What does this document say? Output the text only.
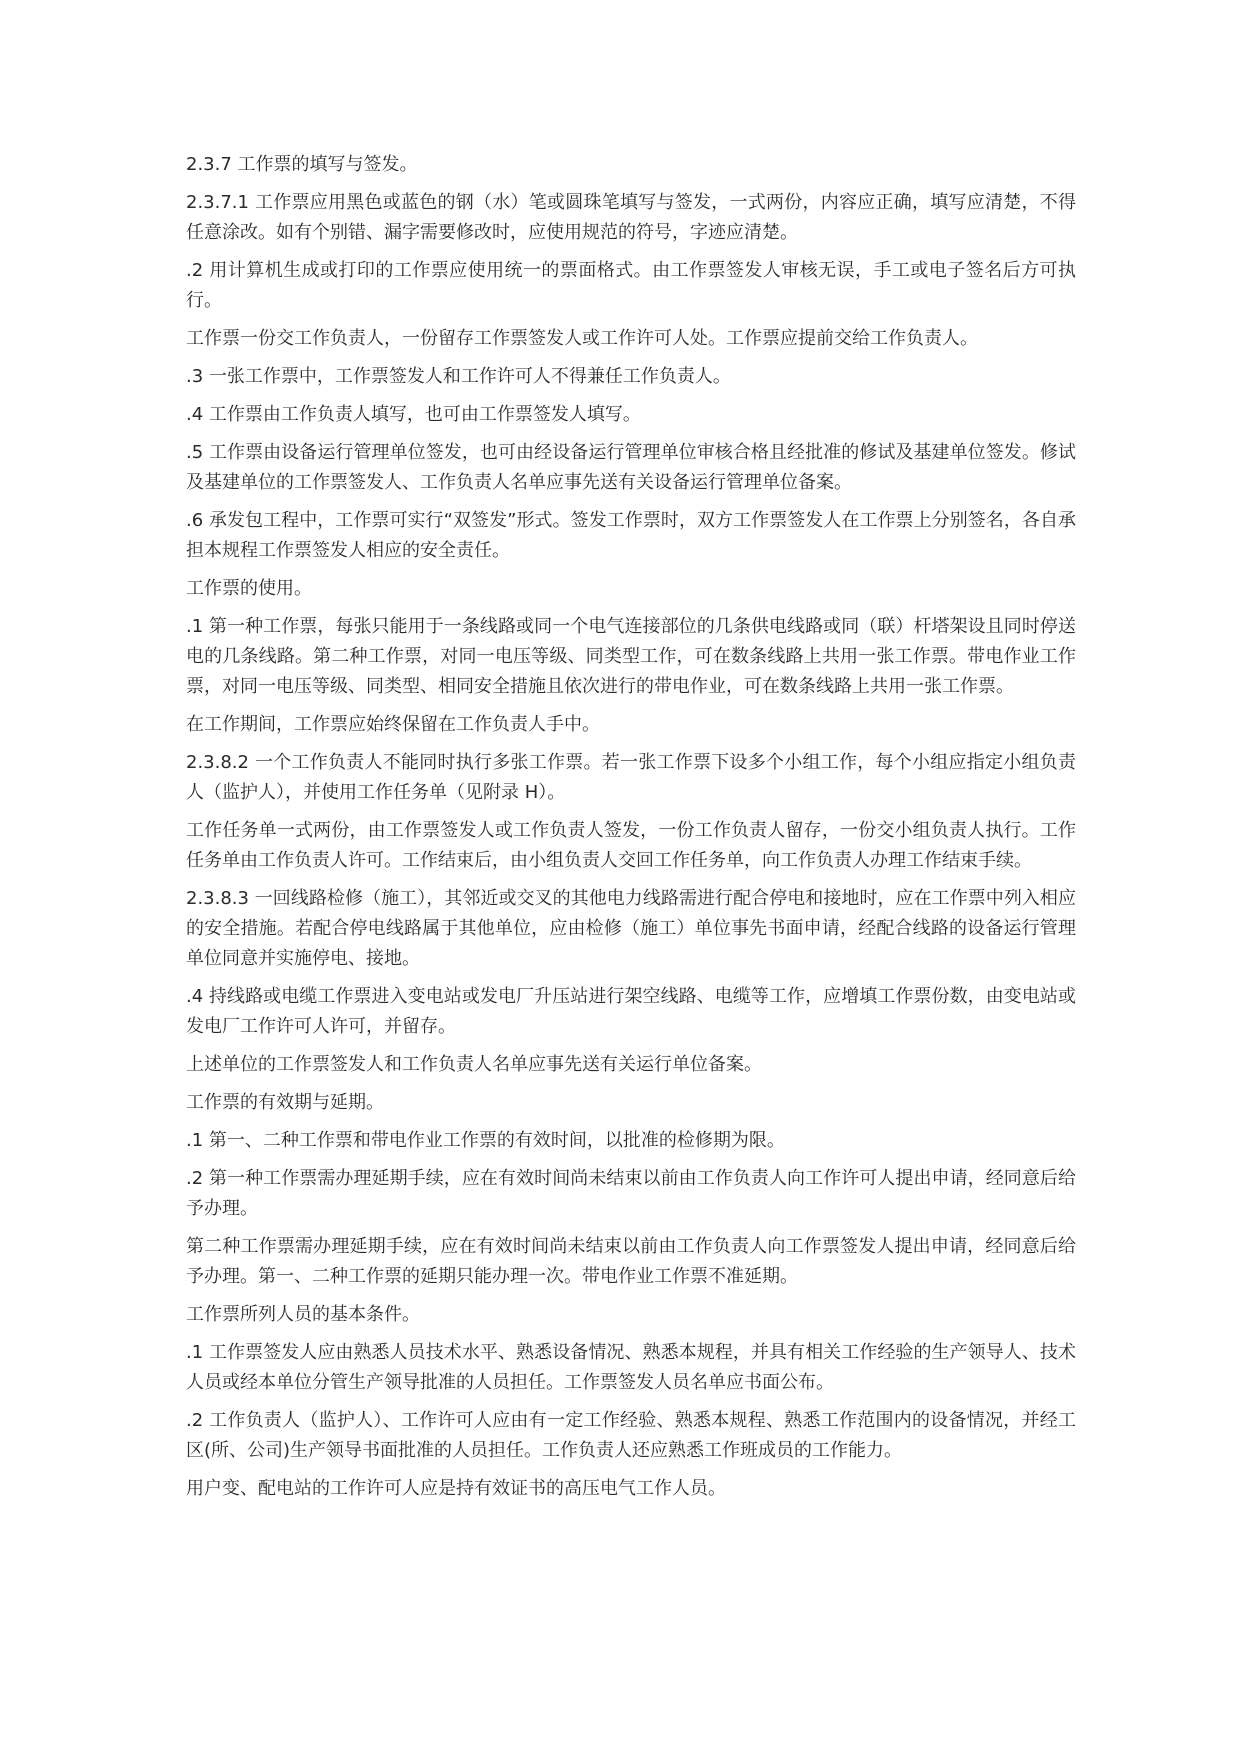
2.3.7 工作票的填写与签发。

2.3.7.1 工作票应用黑色或蓝色的钢（水）笔或圆珠笔填写与签发，一式两份，内容应正确，填写应清楚，不得任意涂改。如有个别错、漏字需要修改时，应使用规范的符号，字迹应清楚。

.2 用计算机生成或打印的工作票应使用统一的票面格式。由工作票签发人审核无误，手工或电子签名后方可执行。

工作票一份交工作负责人，一份留存工作票签发人或工作许可人处。工作票应提前交给工作负责人。

.3 一张工作票中，工作票签发人和工作许可人不得兼任工作负责人。

.4 工作票由工作负责人填写，也可由工作票签发人填写。

.5 工作票由设备运行管理单位签发，也可由经设备运行管理单位审核合格且经批准的修试及基建单位签发。修试及基建单位的工作票签发人、工作负责人名单应事先送有关设备运行管理单位备案。

.6 承发包工程中，工作票可实行“双签发”形式。签发工作票时，双方工作票签发人在工作票上分别签名，各自承担本规程工作票签发人相应的安全责任。

工作票的使用。

.1 第一种工作票，每张只能用于一条线路或同一个电气连接部位的几条供电线路或同（联）杆塔架设且同时停送电的几条线路。第二种工作票，对同一电压等级、同类型工作，可在数条线路上共用一张工作票。带电作业工作票，对同一电压等级、同类型、相同安全措施且依次进行的带电作业，可在数条线路上共用一张工作票。

在工作期间，工作票应始终保留在工作负责人手中。

2.3.8.2 一个工作负责人不能同时执行多张工作票。若一张工作票下设多个小组工作，每个小组应指定小组负责人（监护人），并使用工作任务单（见附录 H）。

工作任务单一式两份，由工作票签发人或工作负责人签发，一份工作负责人留存，一份交小组负责人执行。工作任务单由工作负责人许可。工作结束后，由小组负责人交回工作任务单，向工作负责人办理工作结束手续。

2.3.8.3 一回线路检修（施工），其邻近或交叉的其他电力线路需进行配合停电和接地时，应在工作票中列入相应的安全措施。若配合停电线路属于其他单位，应由检修（施工）单位事先书面申请，经配合线路的设备运行管理单位同意并实施停电、接地。

.4 持线路或电缆工作票进入变电站或发电厂升压站进行架空线路、电缆等工作，应增填工作票份数，由变电站或发电厂工作许可人许可，并留存。

上述单位的工作票签发人和工作负责人名单应事先送有关运行单位备案。

工作票的有效期与延期。

.1 第一、二种工作票和带电作业工作票的有效时间，以批准的检修期为限。

.2 第一种工作票需办理延期手续，应在有效时间尚未结束以前由工作负责人向工作许可人提出申请，经同意后给予办理。

第二种工作票需办理延期手续，应在有效时间尚未结束以前由工作负责人向工作票签发人提出申请，经同意后给予办理。第一、二种工作票的延期只能办理一次。带电作业工作票不准延期。

工作票所列人员的基本条件。

.1 工作票签发人应由熟悉人员技术水平、熟悉设备情况、熟悉本规程，并具有相关工作经验的生产领导人、技术人员或经本单位分管生产领导批准的人员担任。工作票签发人员名单应书面公布。

.2 工作负责人（监护人）、工作许可人应由有一定工作经验、熟悉本规程、熟悉工作范围内的设备情况，并经工区(所、公司)生产领导书面批准的人员担任。工作负责人还应熟悉工作班成员的工作能力。

用户变、配电站的工作许可人应是持有效证书的高压电气工作人员。
